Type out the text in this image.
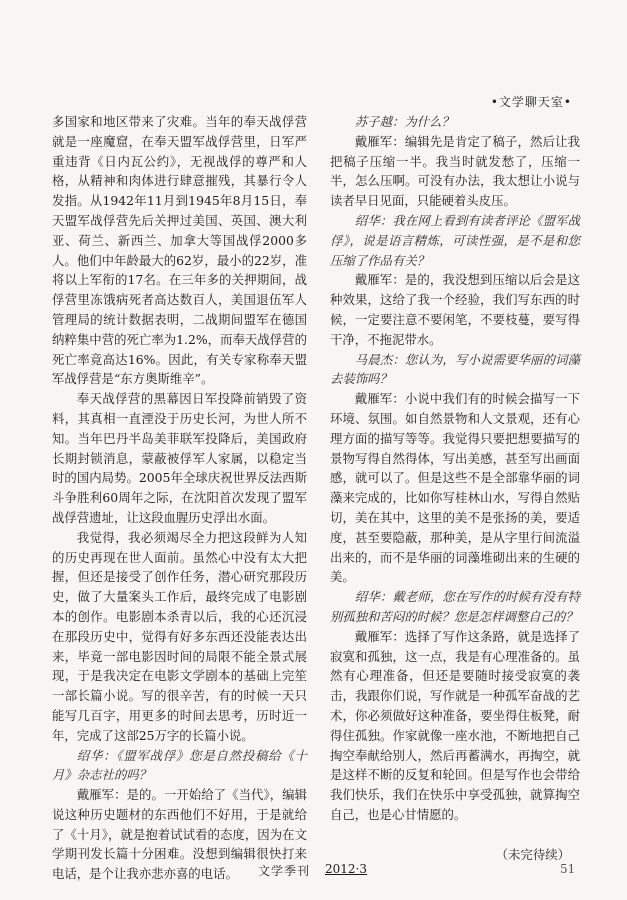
•文学聊天室•

多国家和地区带来了灾难。当年的奉天战俘营就是一座魔窟，在奉天盟军战俘营里，日军严重违背《日内瓦公约》，无视战俘的尊严和人格，从精神和肉体进行肆意摧残，其暴行令人发指。从1942年11月到1945年8月15日，奉天盟军战俘营先后关押过美国、英国、澳大利亚、荷兰、新西兰、加拿大等国战俘2000多人。他们中年龄最大的62岁，最小的22岁，准将以上军衔的17名。在三年多的关押期间，战俘营里冻饿病死者高达数百人，美国退伍军人管理局的统计数据表明，二战期间盟军在德国纳粹集中营的死亡率为1.2%，而奉天战俘营的死亡率竟高达16%。因此，有关专家称奉天盟军战俘营是“东方奥斯维辛”。

奉天战俘营的黑幕因日军投降前销毁了资料，其真相一直湮没于历史长河，为世人所不知。当年巴丹半岛美菲联军投降后，美国政府长期封锁消息，蒙蔽被俘军人家属，以稳定当时的国内局势。2005年全球庆祝世界反法西斯斗争胜利60周年之际，在沈阳首次发现了盟军战俘营遗址，让这段血腥历史浮出水面。

我觉得，我必须竭尽全力把这段鲜为人知的历史再现在世人面前。虽然心中没有太大把握，但还是接受了创作任务，潜心研究那段历史，做了大量案头工作后，最终完成了电影剧本的创作。电影剧本杀青以后，我的心还沉浸在那段历史中，觉得有好多东西还没能表达出来，毕竟一部电影因时间的局限不能全景式展现，于是我决定在电影文学剧本的基础上完笙一部长篇小说。写的很辛苦，有的时候一天只能写几百字，用更多的时间去思考，历时近一年，完成了这部25万字的长篇小说。

绍华：《盟军战俘》您是自然投稿给《十月》杂志社的吗？

戴雁军：是的。一开始给了《当代》，编辑说这种历史题材的东西他们不好用，于是就给了《十月》，就是抱着试试看的态度，因为在文学期刊发长篇十分困难。没想到编辑很快打来电话，是个让我亦悲亦喜的电话。

苏子越：为什么？

戴雁军：编辑先是肯定了稿子，然后让我把稿子压缩一半。我当时就发愁了，压缩一半，怎么压啊。可没有办法，我太想让小说与读者早日见面，只能硬着头皮压。

绍华：我在网上看到有读者评论《盟军战俘》，说是语言精炼，可读性强，是不是和您压缩了作品有关？

戴雁军：是的，我没想到压缩以后会是这种效果，这给了我一个经验，我们写东西的时候，一定要注意不要闲笔，不要枝蔓，要写得干净，不拖泥带水。

马晨杰：您认为，写小说需要华丽的词藻去装饰吗？

戴雁军：小说中我们有的时候会描写一下环境、氛围。如自然景物和人文景观，还有心理方面的描写等等。我觉得只要把想要描写的景物写得自然得体，写出美感，甚至写出画面感，就可以了。但是这些不是全部靠华丽的词藻来完成的，比如你写桂林山水，写得自然贴切，美在其中，这里的美不是张扬的美，要适度，甚至要隐蔽，那种美，是从字里行间流溢出来的，而不是华丽的词藻堆砌出来的生硬的美。

绍华：戴老师，您在写作的时候有没有特别孤独和苦闷的时候？您是怎样调整自己的？

戴雁军：选择了写作这条路，就是选择了寂寞和孤独，这一点，我是有心理准备的。虽然有心理准备，但还是要随时接受寂寞的袭击，我跟你们说，写作就是一种孤军奋战的艺术，你必须做好这种准备，要坐得住板凳，耐得住孤独。作家就像一座水池，不断地把自己掏空奉献给别人，然后再蓄满水，再掏空，就是这样不断的反复和轮回。但是写作也会带给我们快乐，我们在快乐中享受孤独，就算掏空自己，也是心甘情愿的。

（未完待续）

文学季刊 2012·3	51
